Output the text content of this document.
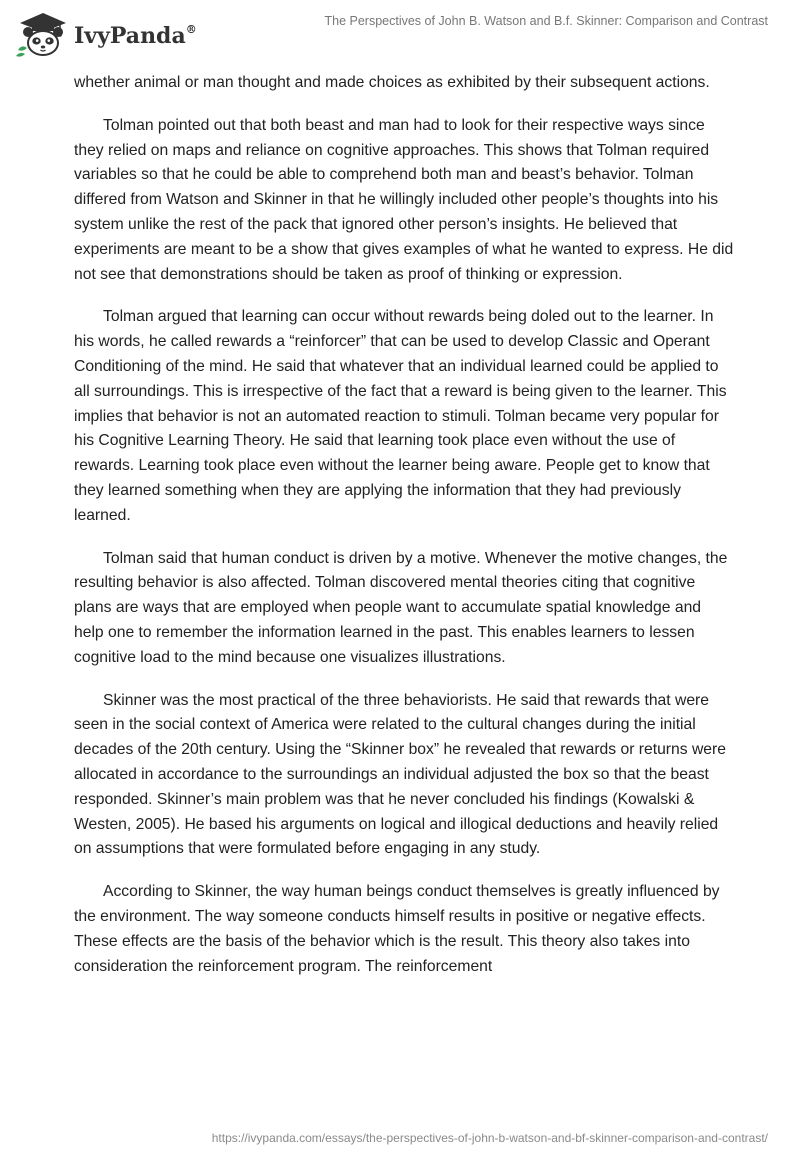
IvyPanda®
The Perspectives of John B. Watson and B.f. Skinner: Comparison and Contrast

whether animal or man thought and made choices as exhibited by their subsequent actions.

Tolman pointed out that both beast and man had to look for their respective ways since they relied on maps and reliance on cognitive approaches. This shows that Tolman required variables so that he could be able to comprehend both man and beast’s behavior. Tolman differed from Watson and Skinner in that he willingly included other people’s thoughts into his system unlike the rest of the pack that ignored other person’s insights. He believed that experiments are meant to be a show that gives examples of what he wanted to express. He did not see that demonstrations should be taken as proof of thinking or expression.

Tolman argued that learning can occur without rewards being doled out to the learner. In his words, he called rewards a “reinforcer” that can be used to develop Classic and Operant Conditioning of the mind. He said that whatever that an individual learned could be applied to all surroundings. This is irrespective of the fact that a reward is being given to the learner. This implies that behavior is not an automated reaction to stimuli. Tolman became very popular for his Cognitive Learning Theory. He said that learning took place even without the use of rewards. Learning took place even without the learner being aware. People get to know that they learned something when they are applying the information that they had previously learned.

Tolman said that human conduct is driven by a motive. Whenever the motive changes, the resulting behavior is also affected. Tolman discovered mental theories citing that cognitive plans are ways that are employed when people want to accumulate spatial knowledge and help one to remember the information learned in the past. This enables learners to lessen cognitive load to the mind because one visualizes illustrations.

Skinner was the most practical of the three behaviorists. He said that rewards that were seen in the social context of America were related to the cultural changes during the initial decades of the 20th century. Using the “Skinner box” he revealed that rewards or returns were allocated in accordance to the surroundings an individual adjusted the box so that the beast responded. Skinner’s main problem was that he never concluded his findings (Kowalski & Westen, 2005). He based his arguments on logical and illogical deductions and heavily relied on assumptions that were formulated before engaging in any study.

According to Skinner, the way human beings conduct themselves is greatly influenced by the environment. The way someone conducts himself results in positive or negative effects. These effects are the basis of the behavior which is the result. This theory also takes into consideration the reinforcement program. The reinforcement

https://ivypanda.com/essays/the-perspectives-of-john-b-watson-and-bf-skinner-comparison-and-contrast/
